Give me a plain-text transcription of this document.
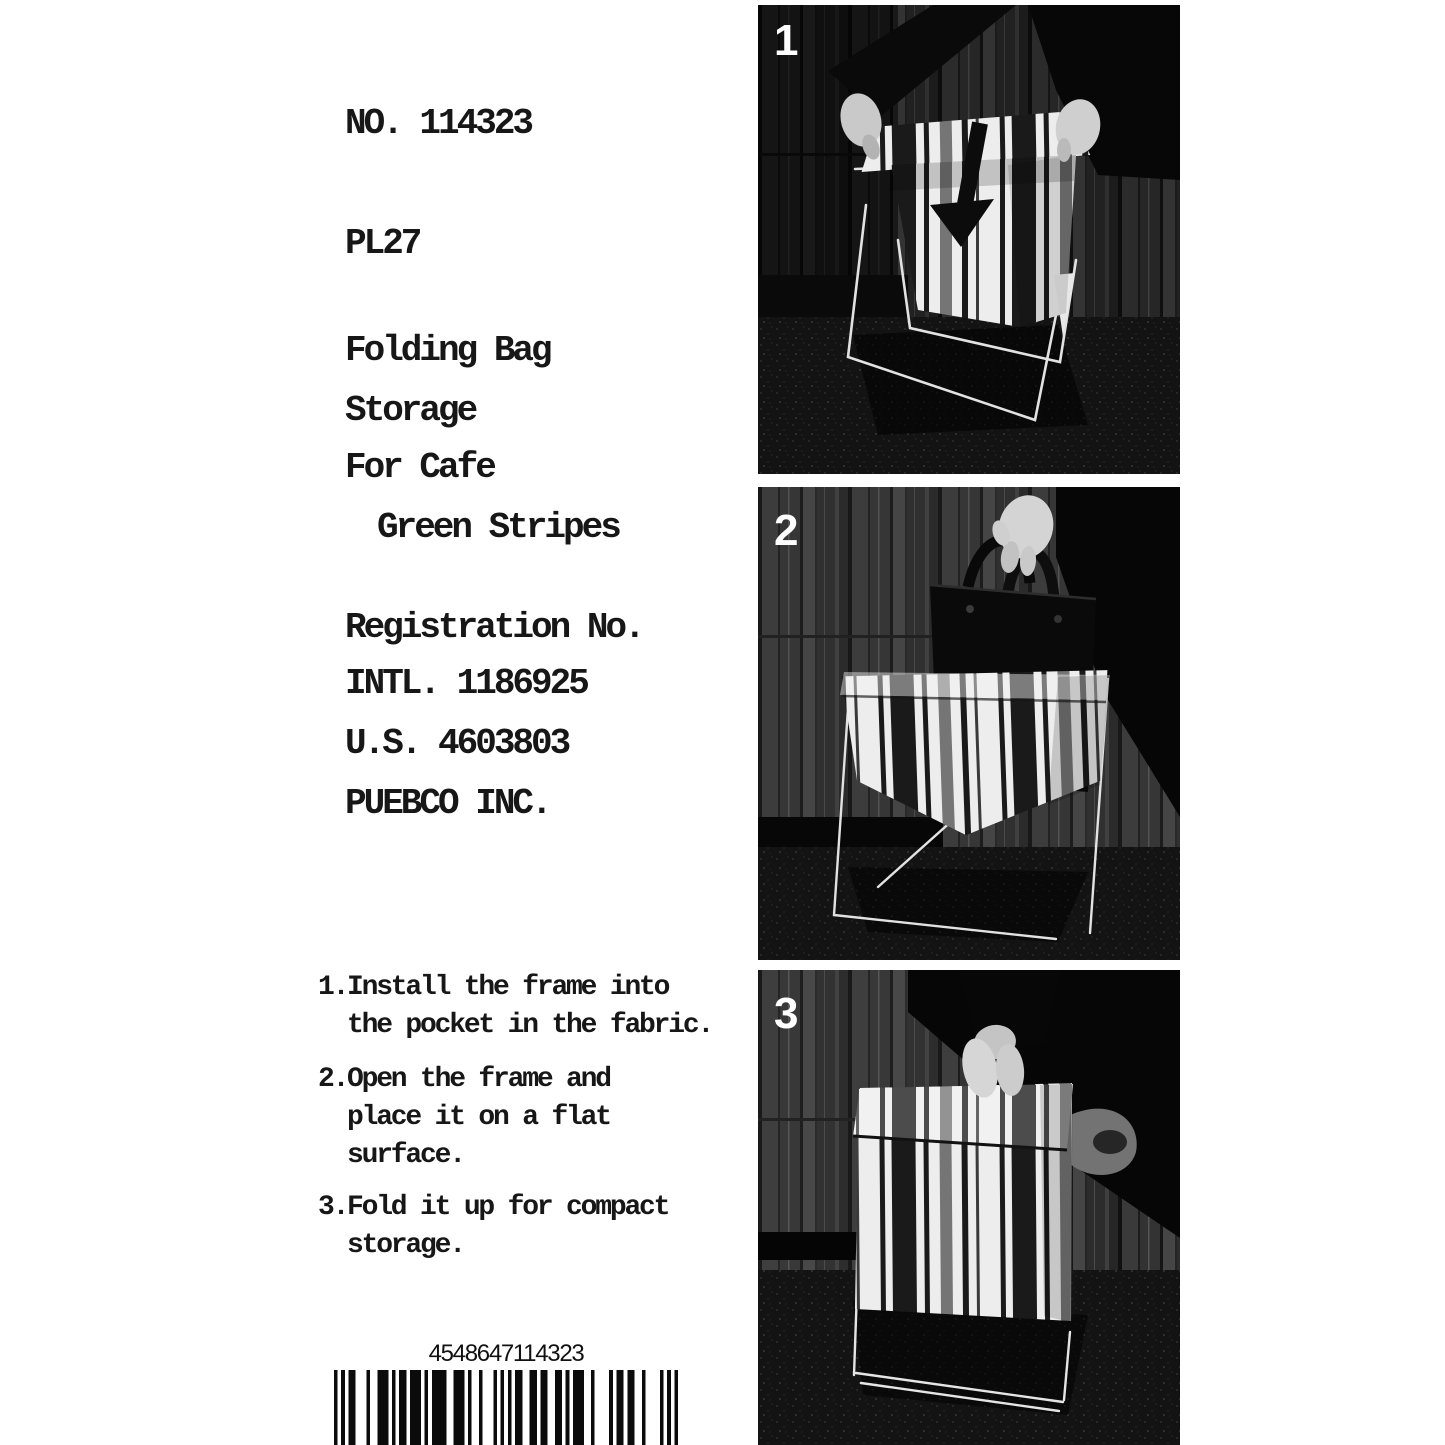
NO. 114323
PL27
Folding Bag
Storage
For Cafe
Green Stripes
Registration No.
INTL. 1186925
U.S. 4603803
PUEBCO INC.
1. Install the frame into
the pocket in the fabric.
2. Open the frame and
place it on a flat
surface.
3. Fold it up for compact
storage.
4548647114323
1
2
3
